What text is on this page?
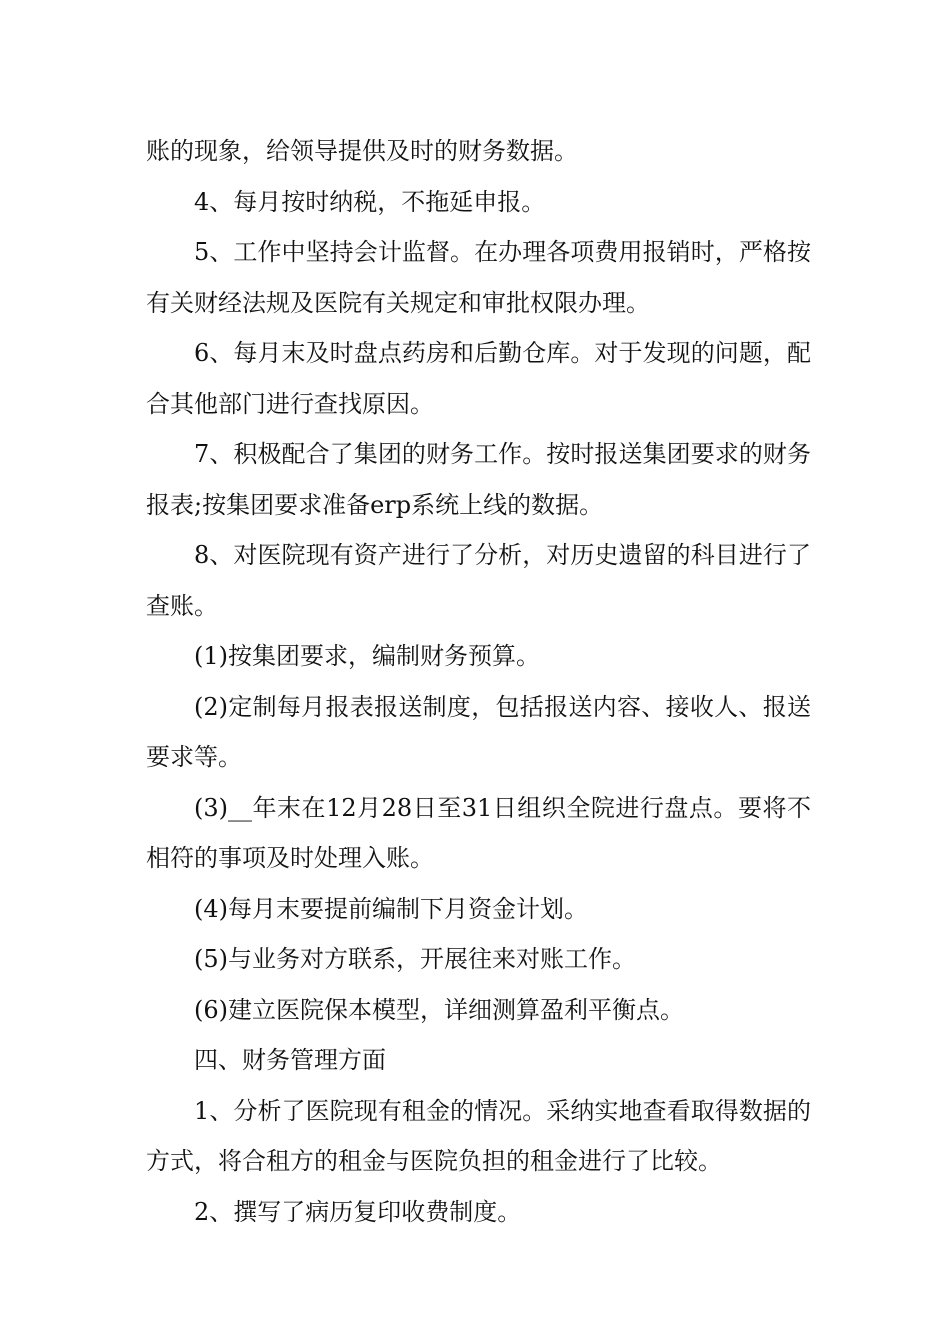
账的现象，给领导提供及时的财务数据。

4、每月按时纳税，不拖延申报。

5、工作中坚持会计监督。在办理各项费用报销时，严格按有关财经法规及医院有关规定和审批权限办理。

6、每月末及时盘点药房和后勤仓库。对于发现的问题，配合其他部门进行查找原因。

7、积极配合了集团的财务工作。按时报送集团要求的财务报表;按集团要求准备erp系统上线的数据。

8、对医院现有资产进行了分析，对历史遗留的科目进行了查账。

(1)按集团要求，编制财务预算。

(2)定制每月报表报送制度，包括报送内容、接收人、报送要求等。

(3)__年末在12月28日至31日组织全院进行盘点。要将不相符的事项及时处理入账。

(4)每月末要提前编制下月资金计划。

(5)与业务对方联系，开展往来对账工作。

(6)建立医院保本模型，详细测算盈利平衡点。

四、财务管理方面

1、分析了医院现有租金的情况。采纳实地查看取得数据的方式，将合租方的租金与医院负担的租金进行了比较。

2、撰写了病历复印收费制度。
